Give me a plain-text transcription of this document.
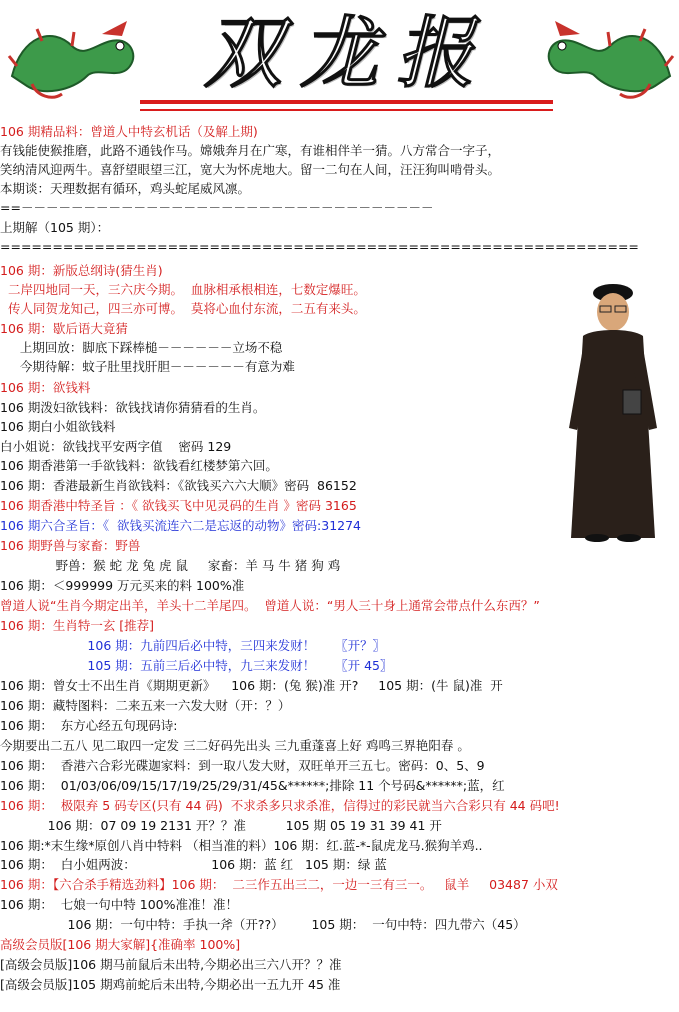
双龙报
106 期精品料：曾道人中特玄机话（及解上期)
有钱能使猴推磨，此路不通钱作马。嫦娥奔月在广寒，有谁相伴羊一猜。八方常合一字子，
笑纳清风迎两牛。喜舒望眼望三江，宽大为怀虎地大。留一二句在人间，汪汪狗叫啃骨头。
本期谈：天理数据有循环，鸡头蛇尾威风凛。
==－－－－－－－－－－－－－－－－－－－－－－－－－－－－－－－－－
上期解（105 期）：
=============================================================
106 期：新版总纲诗(猜生肖)
二岸四地同一天，三六庆今期。  血脉相承根相连，七数定爆旺。
传人同贺龙知己，四三亦可博。  莫将心血付东流，二五有来头。
106 期：歇后语大竟猜
上期回放：脚底下踩棒槌－－－－－－立场不稳
今期待解：蚊子肚里找肝胆－－－－－－有意为难
106 期：欲钱料
106 期泼妇欲钱料：欲钱找请你猜猜看的生肖。
106 期白小姐欲钱料
白小姐说：欲钱找平安两字值    密码 129
106 期香港第一手欲钱料：欲钱看红楼梦第六回。
106 期：香港最新生肖欲钱料：《欲钱买六六大顺》密码  86152
106 期香港中特圣旨 ：《 欲钱买飞中见灵码的生肖 》密码 3165
106 期六合圣旨：《  欲钱买流连六二是忘返的动物》密码:31274
106 期野兽与家畜：野兽
野兽：猴 蛇 龙 兔 虎 鼠     家畜：羊 马 牛 猪 狗 鸡
106 期：＜999999 万元买来的料 100%准
曾道人说“生肖今期定出羊，羊头十二羊尾四。  曾道人说：“男人三十身上通常会带点什么东西？”
106 期：生肖特一玄 [推荐]
106 期：九前四后必中特，三四来发财！     〖开？〗
105 期：五前三后必中特，九三来发财！     〖开 45〗
106 期：曾女士不出生肖《期期更新》    106 期：(兔 猴)准 开?     105 期：(牛 鼠)准  开
106 期：藏特图料：二来五来一六发大财（开：？）
106 期：  东方心经五句现码诗:
今期要出二五八 见二取四一定发 三二好码先出头 三九重蓬喜上好 鸡鸣三界艳阳春 。
106 期：  香港六合彩光碟迦家料：到一取八发大财，双旺单开三五七。密码：0、5、9
106 期：  01/03/06/09/15/17/19/25/29/31/45&******;排除 11 个号码&******;蓝，红
106 期：  极限弃 5 码专区(只有 44 码)  不求杀多只求杀准，信得过的彩民就当六合彩只有 44 码吧!
106 期：07 09 19 2131 开？？准          105 期 05 19 31 39 41 开
106 期:*末生缘*原创八肖中特料 （相当准的料）106 期：红.蓝-*-鼠虎龙马.猴狗羊鸡..
106 期：  白小姐两波：                   106 期：蓝 红   105 期：绿 蓝
106 期：【六合杀手精选劲料】106 期：  二三作五出三二，一边一三有三一。   鼠羊     03487 小双
106 期：  七娘一句中特 100%准准！准！
106 期：一句中特：手执一斧（开??）       105 期：  一句中特：四九带六（45）
高级会员版[106 期大家解]{准确率 100%]
[高级会员版]106 期马前鼠后未出特,今期必出三六八开？？准
[高级会员版]105 期鸡前蛇后未出特,今期必出一五九开 45 准
